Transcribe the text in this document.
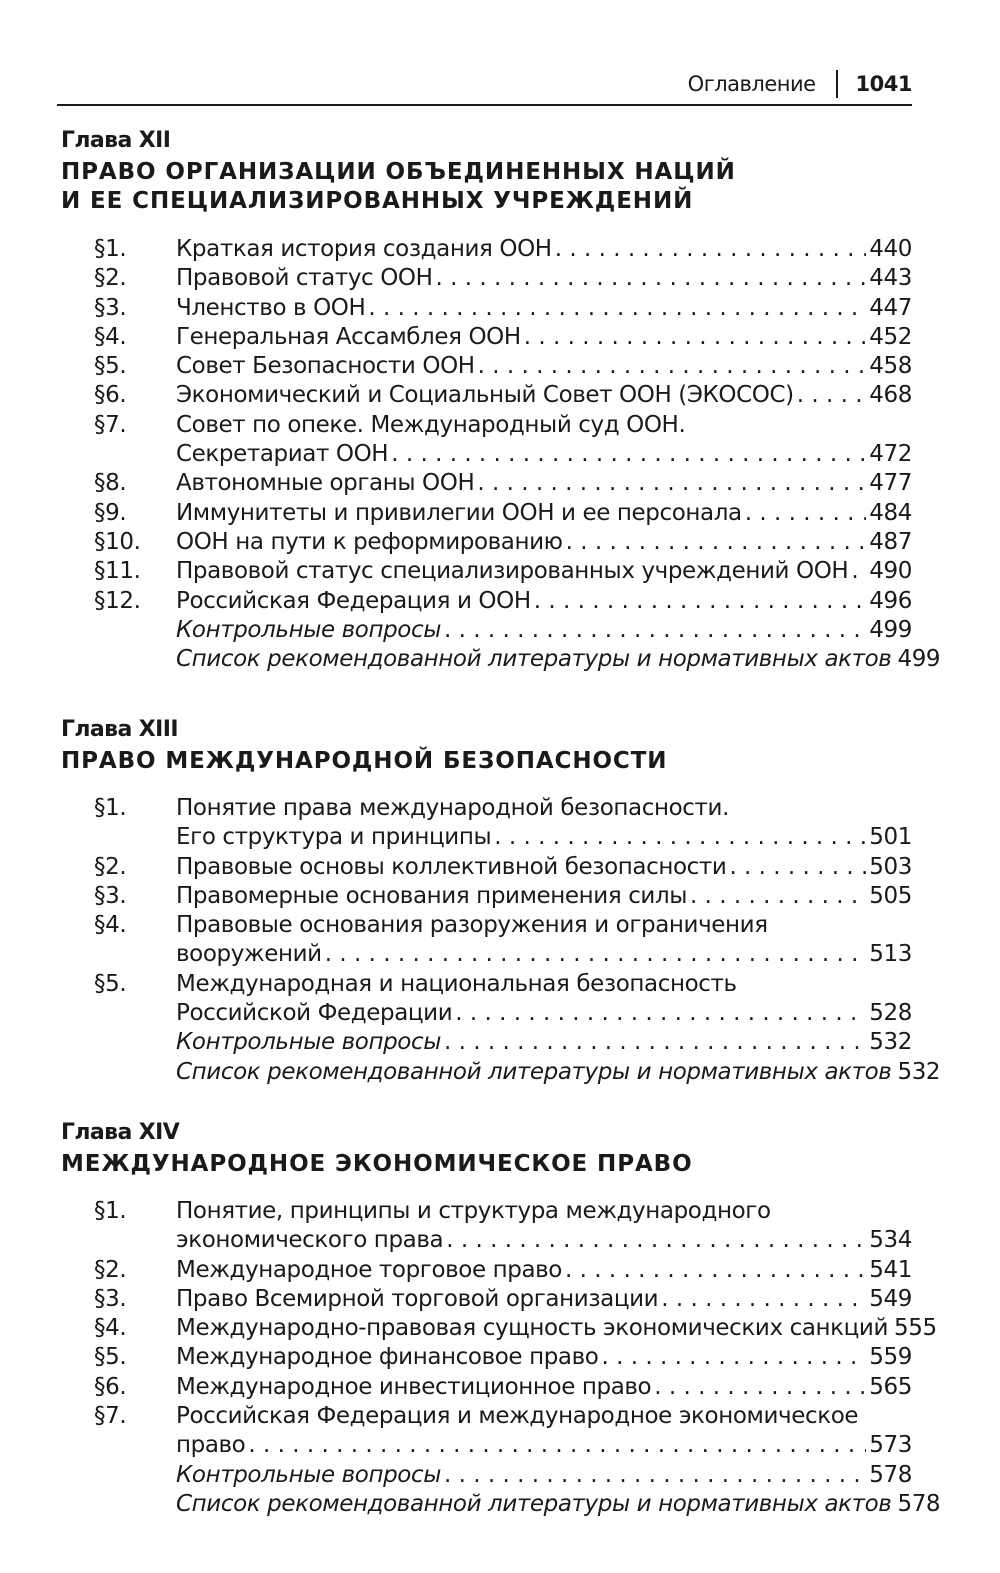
Оглавление 1041
Глава XII
ПРАВО ОРГАНИЗАЦИИ ОБЪЕДИНЕННЫХ НАЦИЙ
И ЕЕ СПЕЦИАЛИЗИРОВАННЫХ УЧРЕЖДЕНИЙ
§1. Краткая история создания ООН . . .	440
§2. Правовой статус ООН . . .	443
§3. Членство в ООН . . .	447
§4. Генеральная Ассамблея ООН . . .	452
§5. Совет Безопасности ООН . . .	458
§6. Экономический и Социальный Совет ООН (ЭКОСОС) . . .	468
§7. Совет по опеке. Международный суд ООН.
Секретариат ООН . . .	472
§8. Автономные органы ООН . . .	477
§9. Иммунитеты и привилегии ООН и ее персонала . . .	484
§10. ООН на пути к реформированию . . .	487
§11. Правовой статус специализированных учреждений ООН . . . 490
§12. Российская Федерация и ООН . . .	496
Контрольные вопросы . . .	499
Список рекомендованной литературы и нормативных актов 499
Глава XIII
ПРАВО МЕЖДУНАРОДНОЙ БЕЗОПАСНОСТИ
§1. Понятие права международной безопасности.
Его структура и принципы . . .	501
§2. Правовые основы коллективной безопасности . . .	503
§3. Правомерные основания применения силы . . .	505
§4. Правовые основания разоружения и ограничения
вооружений . . .	513
§5. Международная и национальная безопасность
Российской Федерации . . .	528
Контрольные вопросы . . .	532
Список рекомендованной литературы и нормативных актов 532
Глава XIV
МЕЖДУНАРОДНОЕ ЭКОНОМИЧЕСКОЕ ПРАВО
§1. Понятие, принципы и структура международного
экономического права . . .	534
§2. Международное торговое право . . .	541
§3. Право Всемирной торговой организации . . .	549
§4. Международно-правовая сущность экономических санкций 555
§5. Международное финансовое право . . .	559
§6. Международное инвестиционное право . . .	565
§7. Российская Федерация и международное экономическое
право . . .	573
Контрольные вопросы . . .	578
Список рекомендованной литературы и нормативных актов 578
